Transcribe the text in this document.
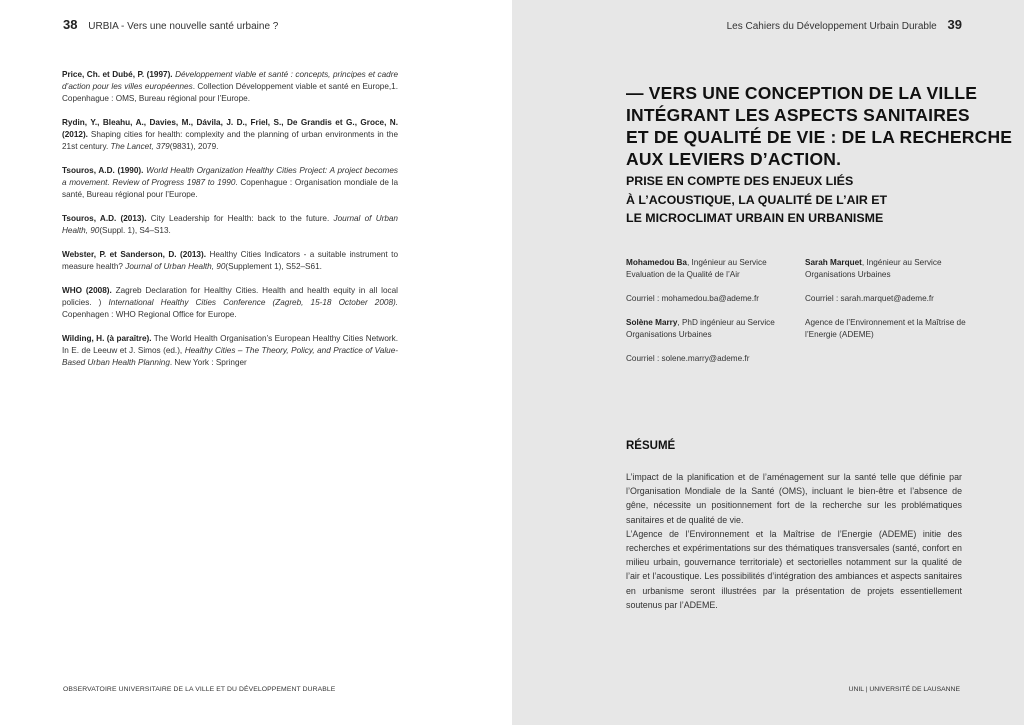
38 URBIA - Vers une nouvelle santé urbaine ?

Price, Ch. et Dubé, P. (1997). Développement viable et santé : concepts, principes et cadre d’action pour les villes européennes. Collection Développement viable et santé en Europe,1. Copenhague : OMS, Bureau régional pour l’Europe.

Rydin, Y., Bleahu, A., Davies, M., Dávila, J. D., Friel, S., De Grandis et G., Groce, N. (2012). Shaping cities for health: complexity and the planning of urban environments in the 21st century. The Lancet, 379(9831), 2079.

Tsouros, A.D. (1990). World Health Organization Healthy Cities Project: A project becomes a movement. Review of Progress 1987 to 1990. Copenhague : Organisation mondiale de la santé, Bureau régional pour l’Europe.

Tsouros, A.D. (2013). City Leadership for Health: back to the future. Journal of Urban Health, 90(Suppl. 1), S4–S13.

Webster, P. et Sanderson, D. (2013). Healthy Cities Indicators - a suitable instrument to measure health? Journal of Urban Health, 90(Supplement 1), S52–S61.

WHO (2008). Zagreb Declaration for Healthy Cities. Health and health equity in all local policies. ) International Healthy Cities Conference (Zagreb, 15-18 October 2008). Copenhagen : WHO Regional Office for Europe.

Wilding, H. (à paraître). The World Health Organisation’s European Healthy Cities Network. In E. de Leeuw et J. Simos (ed.), Healthy Cities – The Theory, Policy, and Practice of Value-Based Urban Health Planning. New York : Springer

OBSERVATOIRE UNIVERSITAIRE DE LA VILLE ET DU DÉVELOPPEMENT DURABLE
Les Cahiers du Développement Urbain Durable 39
— VERS UNE CONCEPTION DE LA VILLE
INTÉGRANT LES ASPECTS SANITAIRES
ET DE QUALITÉ DE VIE : DE LA RECHERCHE
AUX LEVIERS D’ACTION.
PRISE EN COMPTE DES ENJEUX LIÉS
À L’ACOUSTIQUE, LA QUALITÉ DE L’AIR ET
LE MICROCLIMAT URBAIN EN URBANISME
Mohamedou Ba, Ingénieur au Service Evaluation de la Qualité de l’Air
Courriel : mohamedou.ba@ademe.fr
Solène Marry, PhD ingénieur au Service Organisations Urbaines
Courriel : solene.marry@ademe.fr
Sarah Marquet, Ingénieur au Service Organisations Urbaines
Courriel : sarah.marquet@ademe.fr
Agence de l’Environnement et la Maîtrise de l’Energie (ADEME)
RÉSUMÉ

L’impact de la planification et de l’aménagement sur la santé telle que définie par l’Organisation Mondiale de la Santé (OMS), incluant le bien-être et l’absence de gêne, nécessite un positionnement fort de la recherche sur les problématiques sanitaires et de qualité de vie.

L’Agence de l’Environnement et la Maîtrise de l’Energie (ADEME) initie des recherches et expérimentations sur des thématiques transversales (santé, confort en milieu urbain, gouvernance territoriale) et sectorielles notamment sur la qualité de l’air et l’acoustique. Les possibilités d’intégration des ambiances et aspects sanitaires en urbanisme seront illustrées par la présentation de projets essentiellement soutenus par l’ADEME.

UNIL | UNIVERSITÉ DE LAUSANNE
